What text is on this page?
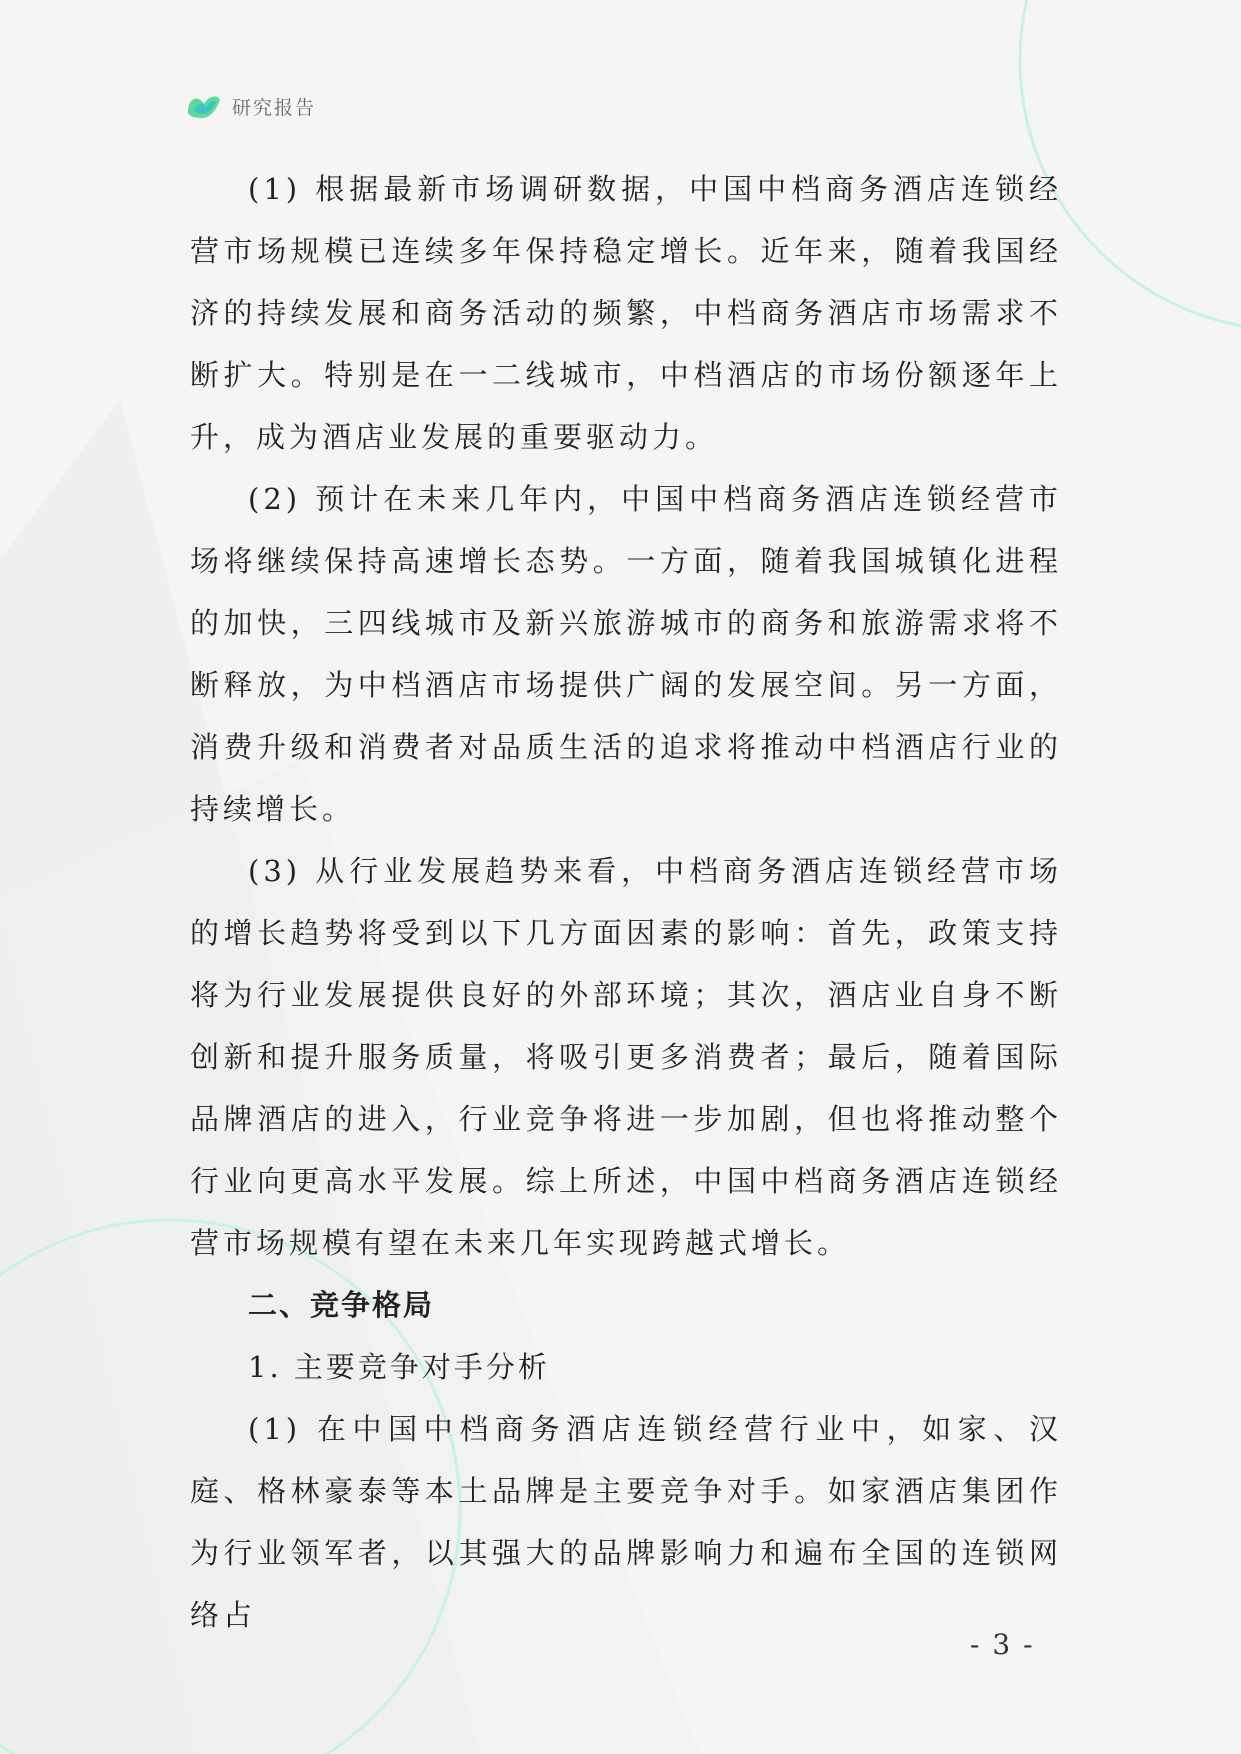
研究报告

(1) 根据最新市场调研数据，中国中档商务酒店连锁经营市场规模已连续多年保持稳定增长。近年来，随着我国经济的持续发展和商务活动的频繁，中档商务酒店市场需求不断扩大。特别是在一二线城市，中档酒店的市场份额逐年上升，成为酒店业发展的重要驱动力。

(2) 预计在未来几年内，中国中档商务酒店连锁经营市场将继续保持高速增长态势。一方面，随着我国城镇化进程的加快，三四线城市及新兴旅游城市的商务和旅游需求将不断释放，为中档酒店市场提供广阔的发展空间。另一方面，消费升级和消费者对品质生活的追求将推动中档酒店行业的持续增长。

(3) 从行业发展趋势来看，中档商务酒店连锁经营市场的增长趋势将受到以下几方面因素的影响：首先，政策支持将为行业发展提供良好的外部环境；其次，酒店业自身不断创新和提升服务质量，将吸引更多消费者；最后，随着国际品牌酒店的进入，行业竞争将进一步加剧，但也将推动整个行业向更高水平发展。综上所述，中国中档商务酒店连锁经营市场规模有望在未来几年实现跨越式增长。

二、竞争格局

1. 主要竞争对手分析

(1) 在中国中档商务酒店连锁经营行业中，如家、汉庭、格林豪泰等本土品牌是主要竞争对手。如家酒店集团作为行业领军者，以其强大的品牌影响力和遍布全国的连锁网络占

- 3 -
